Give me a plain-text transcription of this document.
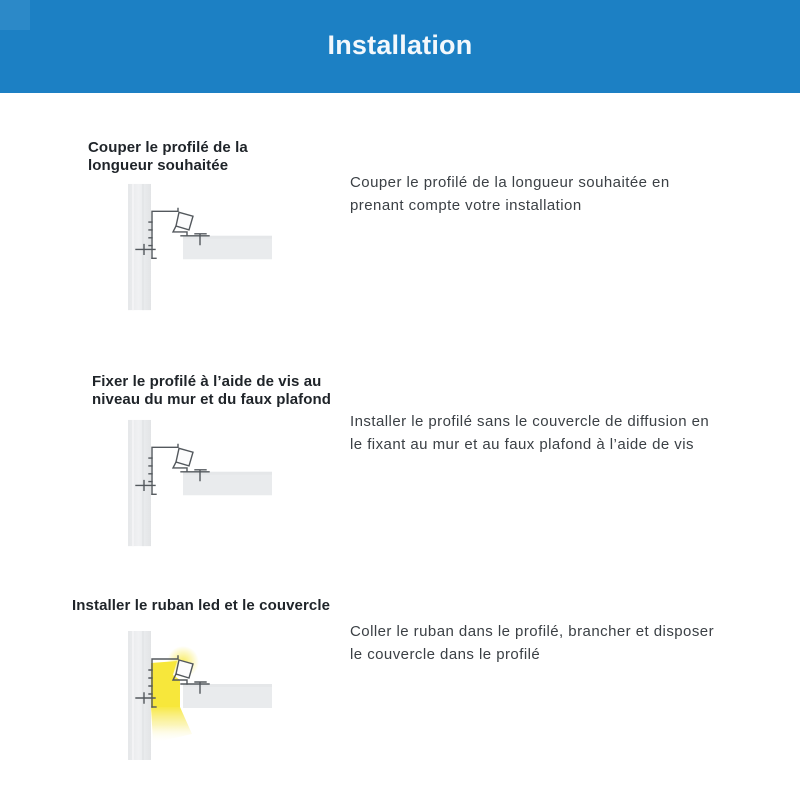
Installation
Couper le profilé de la
longueur souhaitée

Couper le profilé de la longueur souhaitée en
prenant compte votre installation

Fixer le profilé à l’aide de vis au
niveau du mur et du faux plafond

Installer le profilé sans le couvercle de diffusion en
le fixant au mur et au faux plafond à l’aide de vis

Installer le ruban led et le couvercle

Coller le ruban dans le profilé, brancher et disposer
le couvercle dans le profilé
